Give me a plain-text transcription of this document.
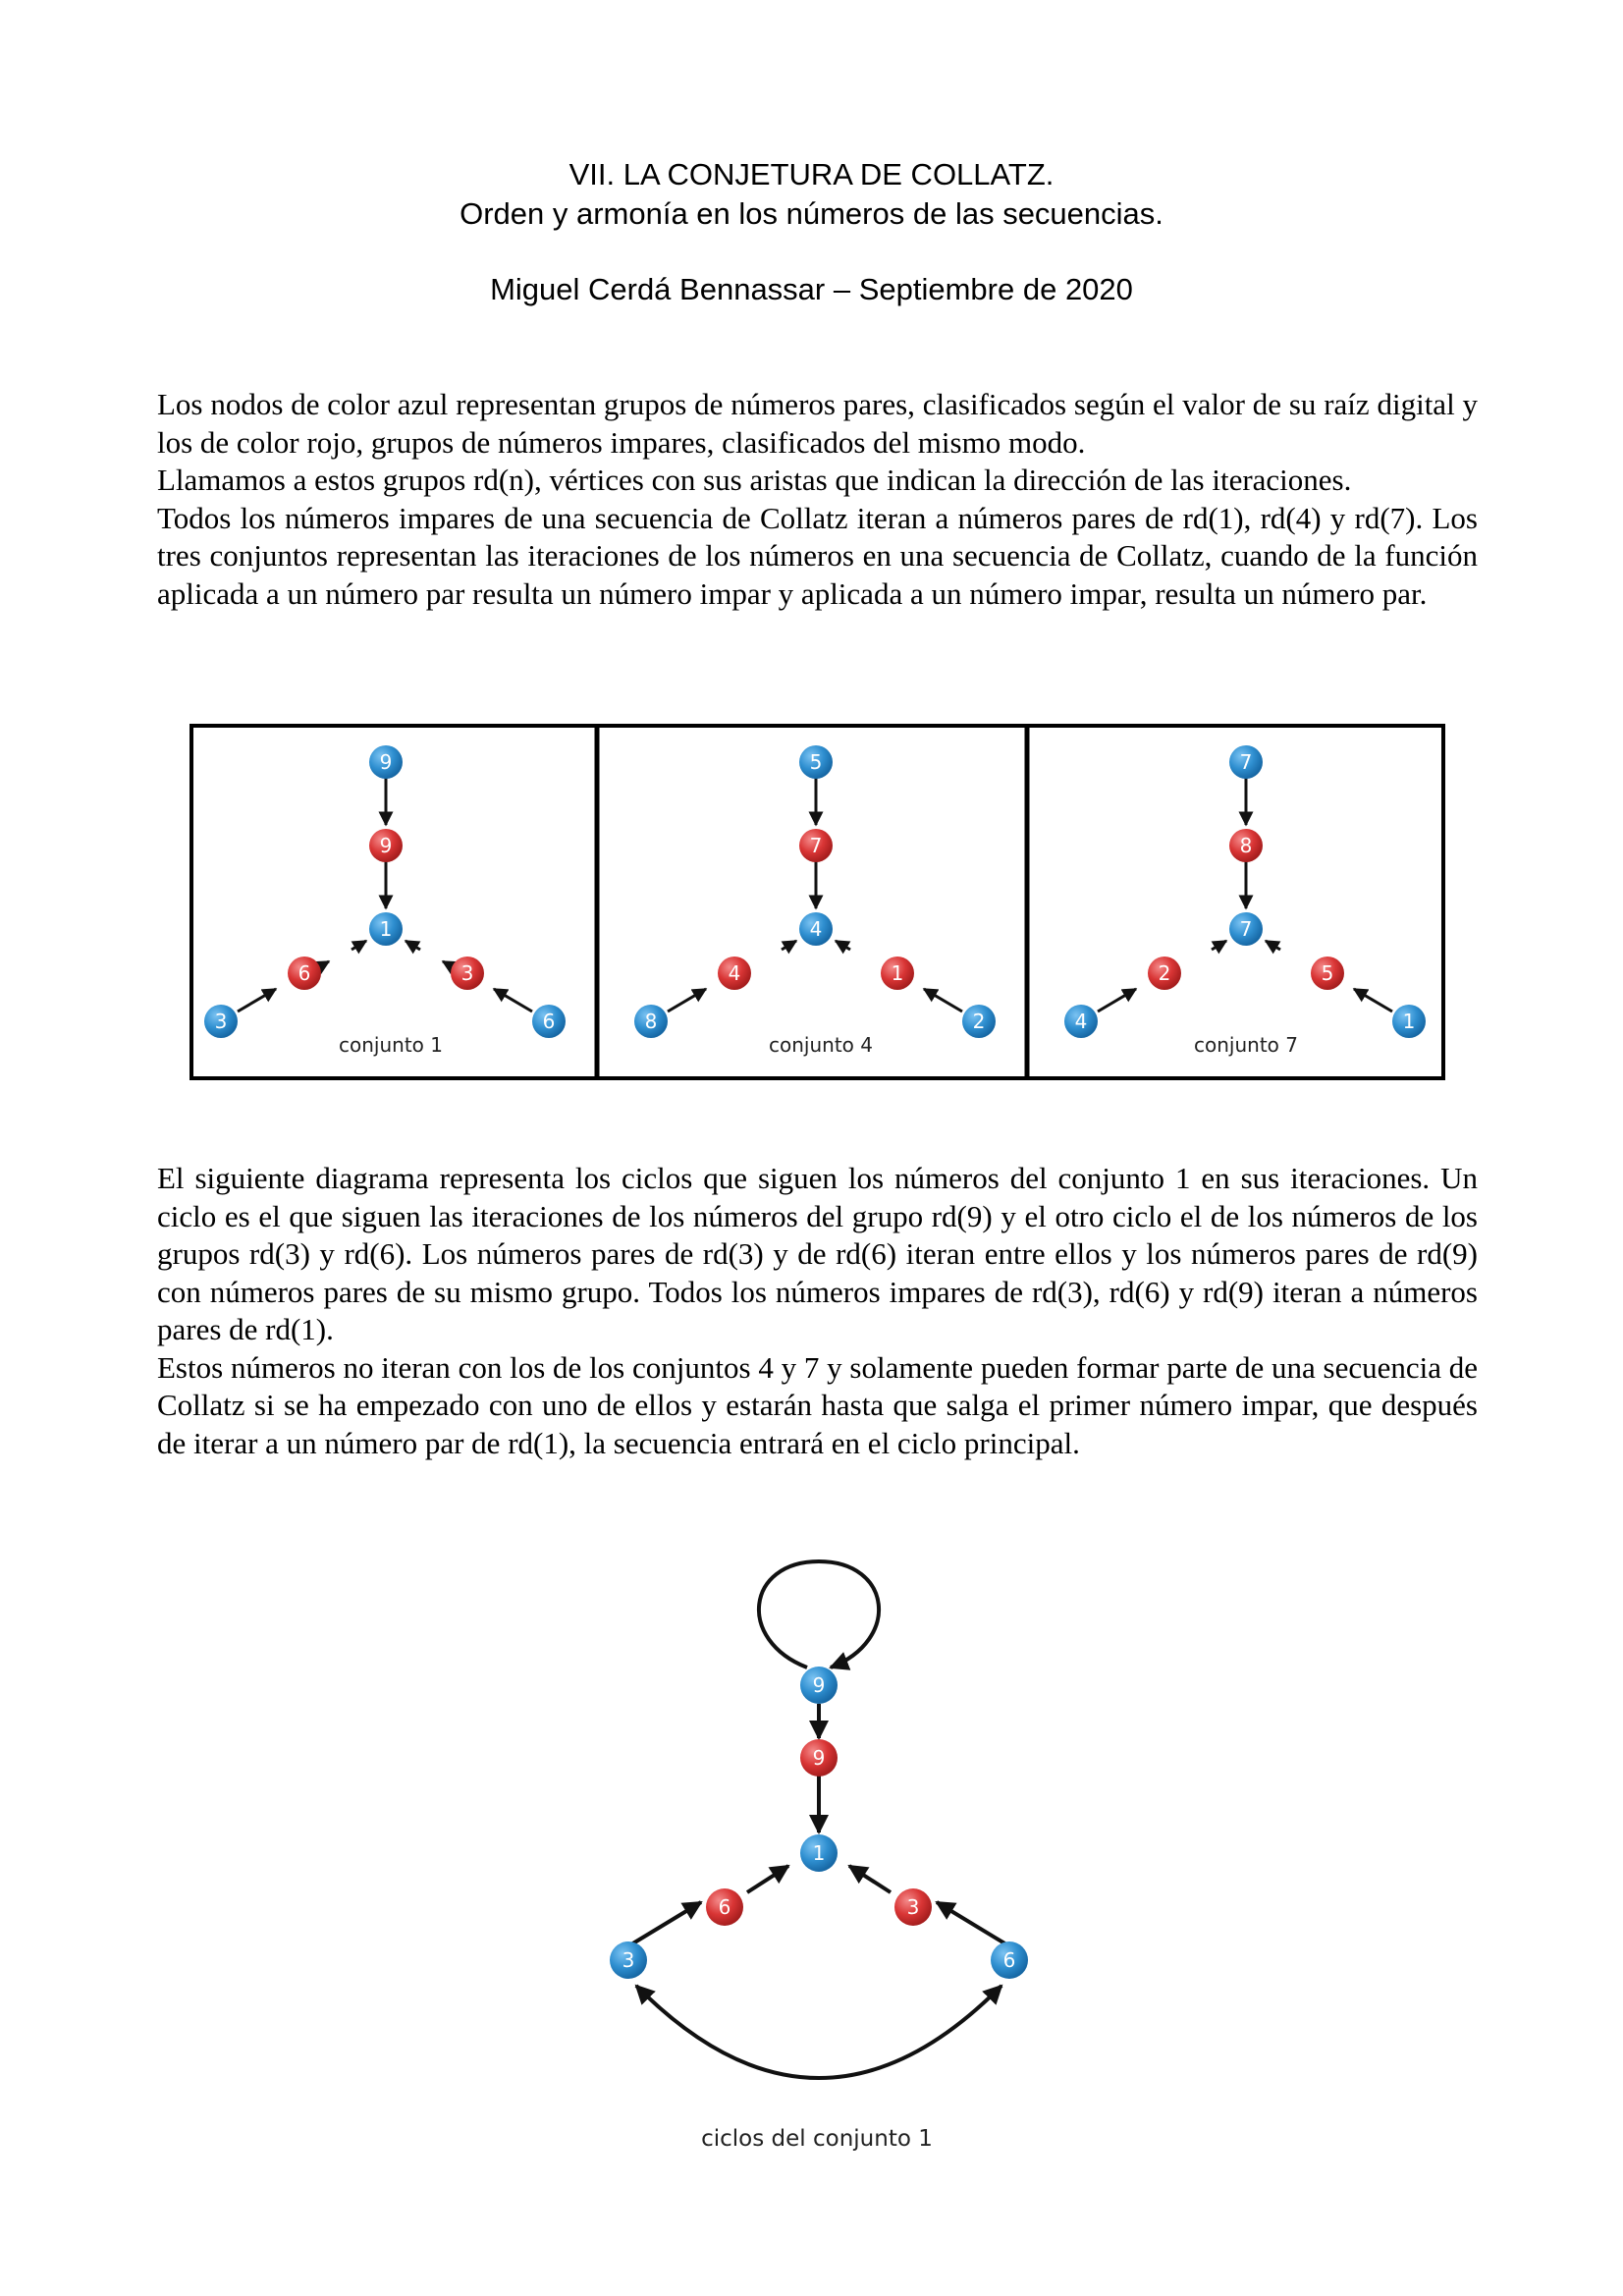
VII. LA CONJETURA DE COLLATZ.
Orden y armonía en los números de las secuencias.
Miguel Cerdá Bennassar – Septiembre de 2020
Los nodos de color azul representan grupos de números pares, clasificados según el valor de su raíz digital y los de color rojo, grupos de números impares, clasificados del mismo modo.
Llamamos a estos grupos rd(n), vértices con sus aristas que indican la dirección de las iteraciones.
Todos los números impares de una secuencia de Collatz iteran a números pares de rd(1), rd(4) y rd(7). Los tres conjuntos representan las iteraciones de los números en una secuencia de Collatz, cuando de la función aplicada a un número par resulta un número impar y aplicada a un número impar, resulta un número par.
9
9
1
6
3
3
6
conjunto 1
5
7
4
4
8
1
2
conjunto 4
7
8
7
2
4
5
1
conjunto 7
El siguiente diagrama representa los ciclos que siguen los números del conjunto 1 en sus iteraciones. Un ciclo es el que siguen las iteraciones de los números del grupo rd(9) y el otro ciclo el de los números de los grupos rd(3) y rd(6). Los números pares de rd(3) y de rd(6) iteran entre ellos y los números pares de rd(9) con números pares de su mismo grupo. Todos los números impares de rd(3), rd(6) y rd(9) iteran a números pares de rd(1).
Estos números no iteran con los de los conjuntos 4 y 7 y solamente pueden formar parte de una secuencia de Collatz si se ha empezado con uno de ellos y estarán hasta que salga el primer número impar, que después de iterar a un número par de rd(1), la secuencia entrará en el ciclo principal.
9
9
1
6	3
3	6
ciclos del conjunto 1
